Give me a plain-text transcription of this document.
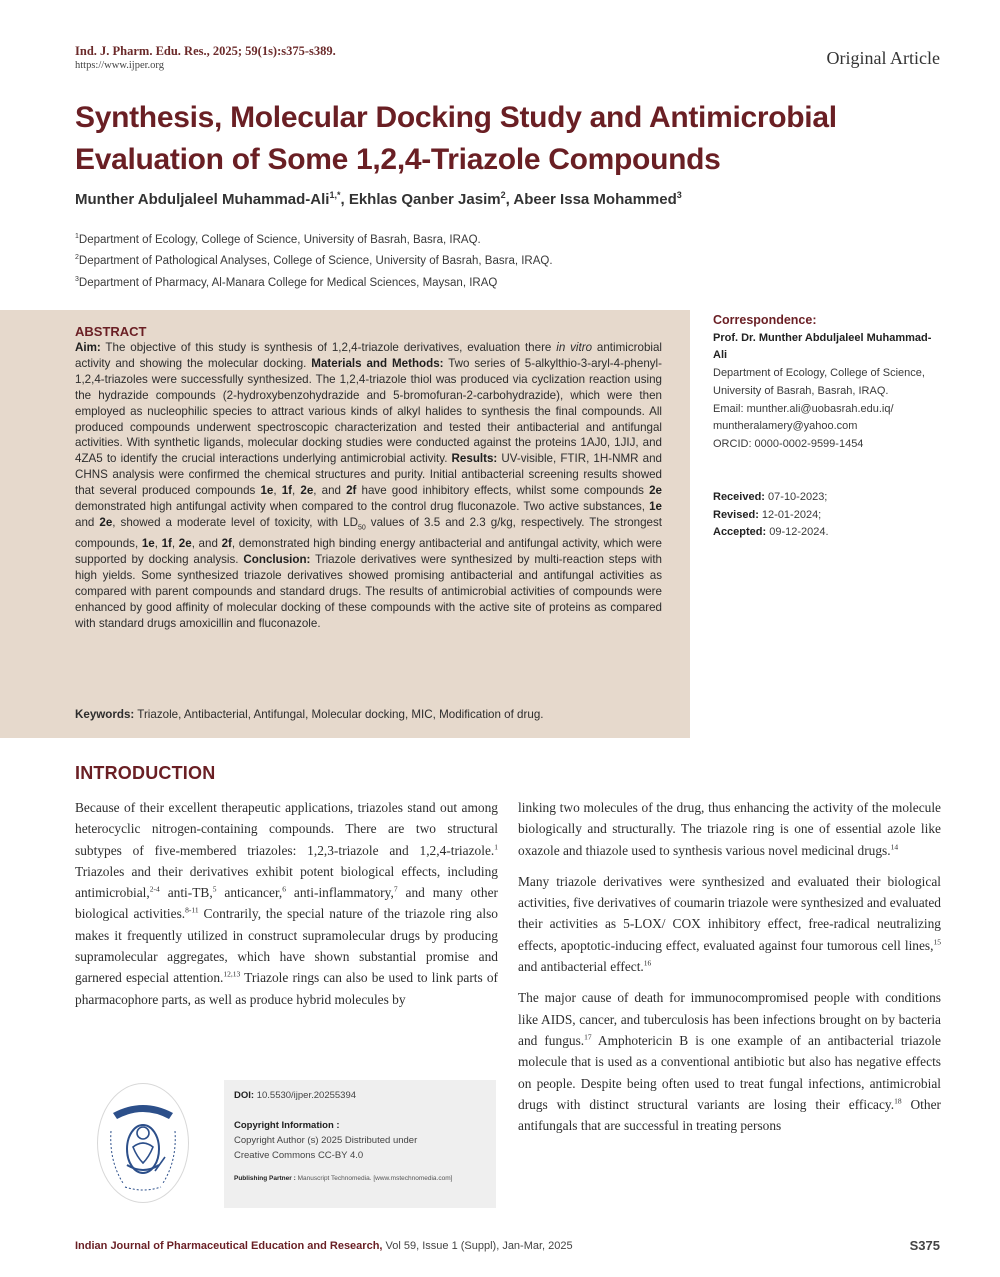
Ind. J. Pharm. Edu. Res., 2025; 59(1s):s375-s389.
https://www.ijper.org	Original Article
Synthesis, Molecular Docking Study and Antimicrobial
Evaluation of Some 1,2,4-Triazole Compounds
Munther Abduljaleel Muhammad-Ali$^{1,*}$, Ekhlas Qanber Jasim$^2$, Abeer Issa Mohammed$^3$
$^1$Department of Ecology, College of Science, University of Basrah, Basra, IRAQ.
$^2$Department of Pathological Analyses, College of Science, University of Basrah, Basra, IRAQ.
$^3$Department of Pharmacy, Al-Manara College for Medical Sciences, Maysan, IRAQ
ABSTRACT
Aim: The objective of this study is synthesis of 1,2,4-triazole derivatives, evaluation there in vitro antimicrobial activity and showing the molecular docking. Materials and Methods: Two series of 5-alkylthio-3-aryl-4-phenyl-1,2,4-triazoles were successfully synthesized. The 1,2,4-triazole thiol was produced via cyclization reaction using the hydrazide compounds (2-hydroxybenzohydrazide and 5-bromofuran-2-carbohydrazide), which were then employed as nucleophilic species to attract various kinds of alkyl halides to synthesis the final compounds. All produced compounds underwent spectroscopic characterization and tested their antibacterial and antifungal activities. With synthetic ligands, molecular docking studies were conducted against the proteins 1AJ0, 1JIJ, and 4ZA5 to identify the crucial interactions underlying antimicrobial activity. Results: UV-visible, FTIR, 1H-NMR and CHNS analysis were confirmed the chemical structures and purity. Initial antibacterial screening results showed that several produced compounds 1e, 1f, 2e, and 2f have good inhibitory effects, whilst some compounds 2e demonstrated high antifungal activity when compared to the control drug fluconazole. Two active substances, 1e and 2e, showed a moderate level of toxicity, with $LD_{50}$ values of 3.5 and 2.3 g/kg, respectively. The strongest compounds, 1e, 1f, 2e, and 2f, demonstrated high binding energy antibacterial and antifungal activity, which were supported by docking analysis. Conclusion: Triazole derivatives were synthesized by multi-reaction steps with high yields. Some synthesized triazole derivatives showed promising antibacterial and antifungal activities as compared with parent compounds and standard drugs. The results of antimicrobial activities of compounds were enhanced by good affinity of molecular docking of these compounds with the active site of proteins as compared with standard drugs amoxicillin and fluconazole.
Keywords: Triazole, Antibacterial, Antifungal, Molecular docking, MIC, Modification of drug.
Correspondence:
Prof. Dr. Munther Abduljaleel Muhammad-Ali
Department of Ecology, College of Science, University of Basrah, Basrah, IRAQ.
Email: munther.ali@uobasrah.edu.iq/ muntheralamery@yahoo.com
ORCID: 0000-0002-9599-1454
Received: 07-10-2023;
Revised: 12-01-2024;
Accepted: 09-12-2024.
INTRODUCTION

Because of their excellent therapeutic applications, triazoles stand out among heterocyclic nitrogen-containing compounds. There are two structural subtypes of five-membered triazoles: 1,2,3-triazole and 1,2,4-triazole.$^1$ Triazoles and their derivatives exhibit potent biological effects, including antimicrobial,$^{2-4}$ anti-TB,$^5$ anticancer,$^6$ anti-inflammatory,$^7$ and many other biological activities.$^{8-11}$ Contrarily, the special nature of the triazole ring also makes it frequently utilized in construct supramolecular drugs by producing supramolecular aggregates, which have shown substantial promise and garnered especial attention.$^{12,13}$ Triazole rings can also be used to link parts of pharmacophore parts, as well as produce hybrid molecules by

linking two molecules of the drug, thus enhancing the activity of the molecule biologically and structurally. The triazole ring is one of essential azole like oxazole and thiazole used to synthesis various novel medicinal drugs.$^{14}$

Many triazole derivatives were synthesized and evaluated their biological activities, five derivatives of coumarin triazole were synthesized and evaluated their activities as 5-LOX/ COX inhibitory effect, free-radical neutralizing effects, apoptotic-inducing effect, evaluated against four tumorous cell lines,$^{15}$ and antibacterial effect.$^{16}$

The major cause of death for immunocompromised people with conditions like AIDS, cancer, and tuberculosis has been infections brought on by bacteria and fungus.$^{17}$ Amphotericin B is one example of an antibacterial triazole molecule that is used as a conventional antibiotic but also has negative effects on people. Despite being often used to treat fungal infections, antimicrobial drugs with distinct structural variants are losing their efficacy.$^{18}$ Other antifungals that are successful in treating persons

DOI: 10.5530/ijper.20255394
Copyright Information :
Copyright Author (s) 2025 Distributed under
Creative Commons CC-BY 4.0
Publishing Partner : Manuscript Technomedia. [www.mstechnomedia.com]
Indian Journal of Pharmaceutical Education and Research, Vol 59, Issue 1 (Suppl), Jan-Mar, 2025	S375
